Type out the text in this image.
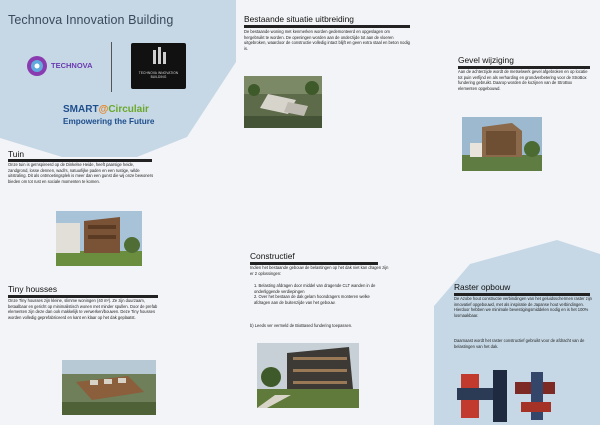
Technova Innovation Building
TECHNOVA
TECHNOVA INNOVATION BUILDING
SMART@Circulair
Empowering the Future
Bestaande situatie uitbreiding
De bestaande woning met kenmerken worden gedemonteerd en opgeslagen om hergebruikt te worden. De openingen worden aan de onderzijde tot aan de vloeren uitgebroken, waardoor de constructie volledig intact blijft en geen extra staal en beton nodig is.
Gevel wijziging
Aan de achterzijde wordt de metselwerk gevel afgebroken en op locatie tot puin verfijnd en als verharding en grondverbetering voor de StroBox fundering gebruikt. Daarop worden de kozijnen van de StroBox elementen opgebouwd.
Tuin
Onze tuin is geïnspireerd op de Dinkelse Heide, heeft paarsige heide, zandgrond, losse dennen, wadi's, natuurlijke paden en een rustige, wilde uitstraling. Dit als ontmoetingsplek is meer dan een gunst die wij onze bewoners bieden om tot rust en sociale momenten te komen.
Constructief
Indien het bestaande gebouw de belastingen op het dak niet kan dragen zijn er 2 oplossingen:
1. Belasting afdragen door middel van dragende CLT wanden in de onderliggende verdiepingen
2. Over het bestaan de dak gelam hoondragers monteren welke afdragen aan de buitenzijde van het gebouw.
b) Leeds ver vermeld de BioBased fundering toepassen.
Tiny housses
Onze Tiny housses zijn kleine, slimme woningen (40 m²). Ze zijn duurzaam, betaalbaar en gericht op minimalistisch wonen met minder spullen. Door de prefab elementen zijn deze dan ook makkelijk te verwerken/bouwen. Deze Tiny housses worden volledig geprefabriceerd en kant en klaar op het dak geplaatst.
Raster opbouw
De Azobe hout constructie verbindingen van het geluidsschermen raster zijn innovatief opgebouwd, met als inspiratie de Japanse hout verbindingen. Hierdoor hebben we minimale bevestigingsmiddelen nodig en is het 100% losmaakbaar.
Daarnaast wordt het raster constructief gebruikt voor de afdracht van de belastingen van het dak.
